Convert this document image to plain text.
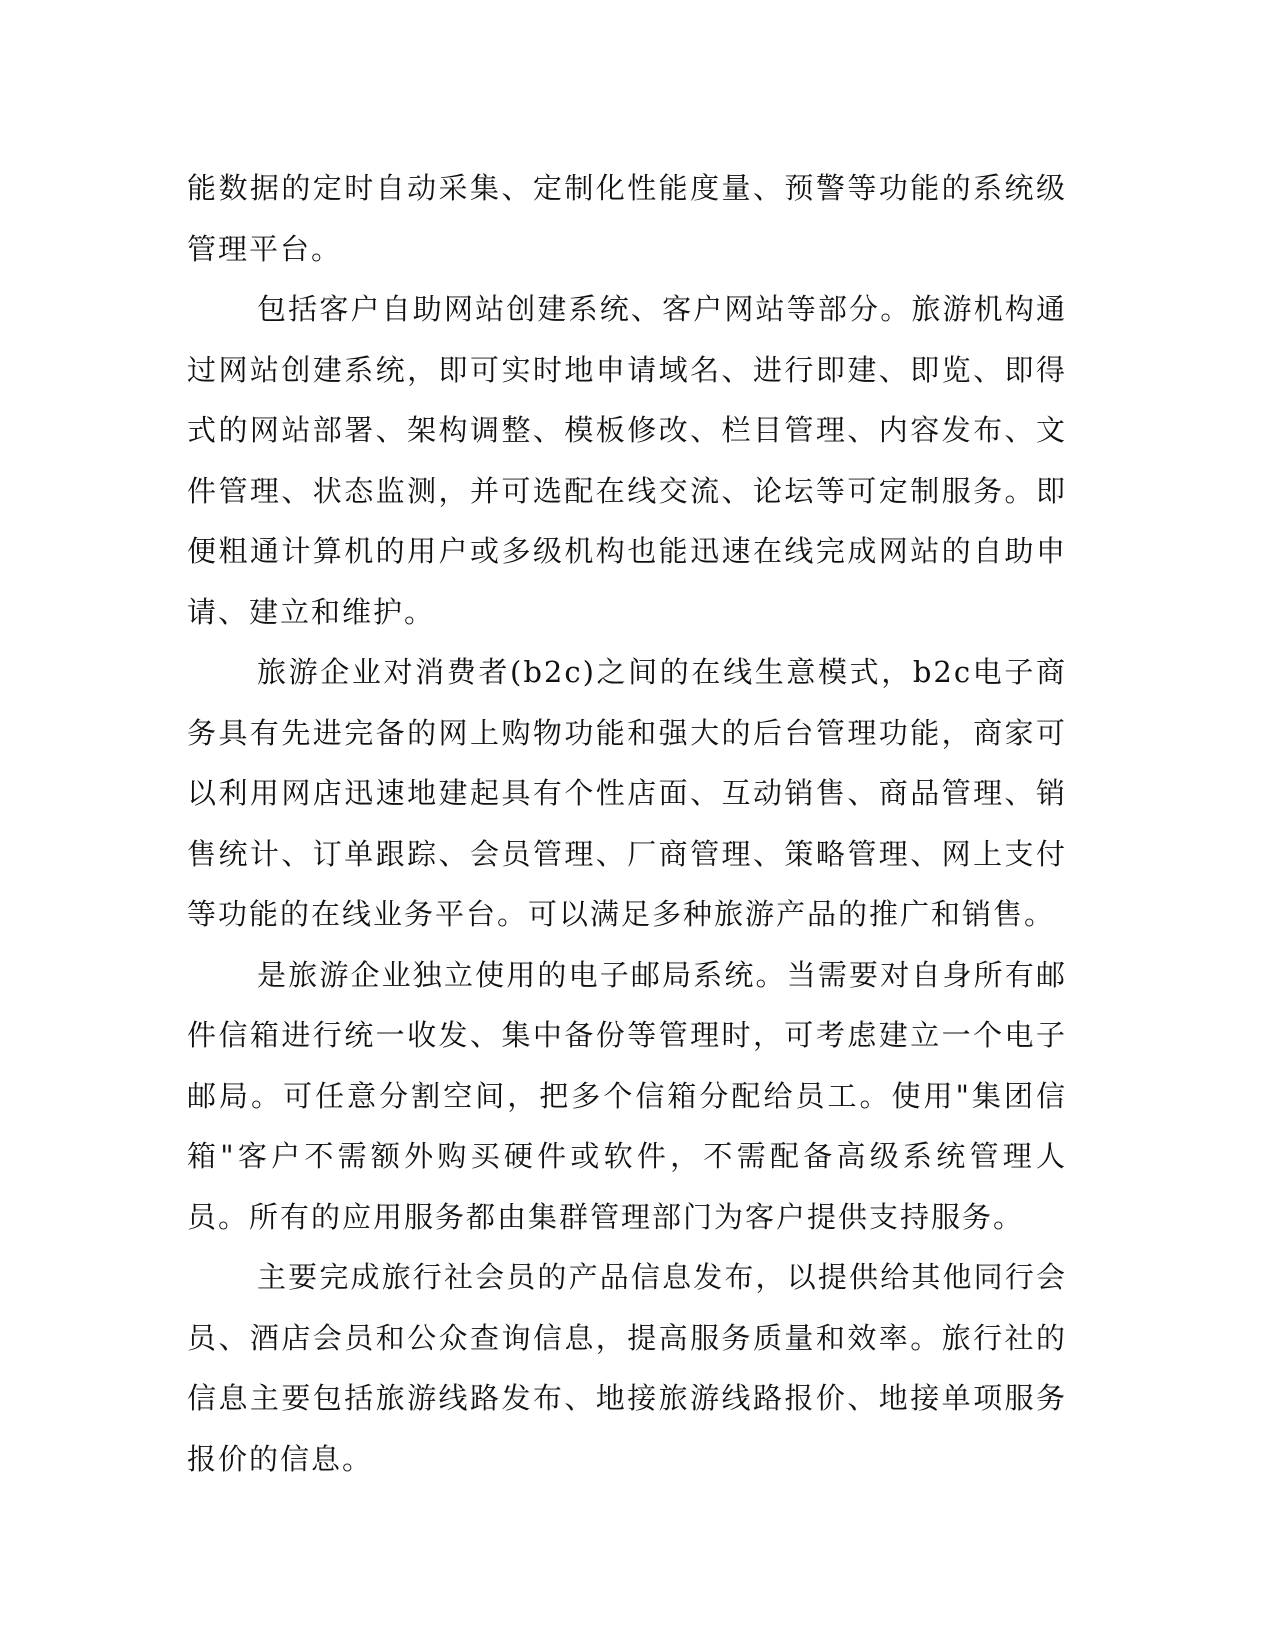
能数据的定时自动采集、定制化性能度量、预警等功能的系统级管理平台。

包括客户自助网站创建系统、客户网站等部分。旅游机构通过网站创建系统，即可实时地申请域名、进行即建、即览、即得式的网站部署、架构调整、模板修改、栏目管理、内容发布、文件管理、状态监测，并可选配在线交流、论坛等可定制服务。即便粗通计算机的用户或多级机构也能迅速在线完成网站的自助申请、建立和维护。

旅游企业对消费者(b2c)之间的在线生意模式，b2c电子商务具有先进完备的网上购物功能和强大的后台管理功能，商家可以利用网店迅速地建起具有个性店面、互动销售、商品管理、销售统计、订单跟踪、会员管理、厂商管理、策略管理、网上支付等功能的在线业务平台。可以满足多种旅游产品的推广和销售。

是旅游企业独立使用的电子邮局系统。当需要对自身所有邮件信箱进行统一收发、集中备份等管理时，可考虑建立一个电子邮局。可任意分割空间，把多个信箱分配给员工。使用"集团信箱"客户不需额外购买硬件或软件，不需配备高级系统管理人员。所有的应用服务都由集群管理部门为客户提供支持服务。

主要完成旅行社会员的产品信息发布，以提供给其他同行会员、酒店会员和公众查询信息，提高服务质量和效率。旅行社的信息主要包括旅游线路发布、地接旅游线路报价、地接单项服务报价的信息。
